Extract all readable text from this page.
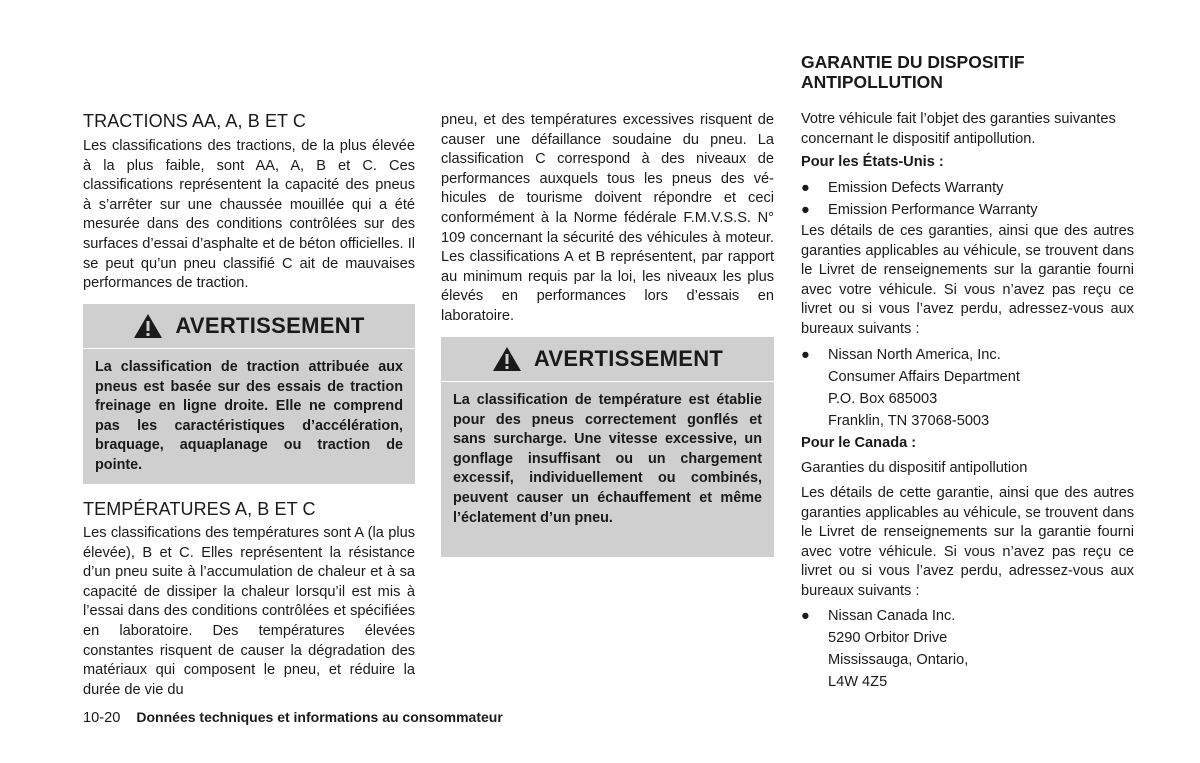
TRACTIONS AA, A, B ET C

Les classifications des tractions, de la plus élevée à la plus faible, sont AA, A, B et C. Ces classifications représentent la capacité des pneus à s’arrêter sur une chaussée mouillée qui a été mesurée dans des conditions contrôlées sur des surfaces d’essai d’asphalte et de béton officielles. Il se peut qu’un pneu classifié C ait de mauvaises performances de traction.

AVERTISSEMENT
La classification de traction attribuée aux pneus est basée sur des essais de traction freinage en ligne droite. Elle ne comprend pas les caractéristiques d’accélération, braquage, aquaplanage ou traction de pointe.
TEMPÉRATURES A, B ET C

Les classifications des températures sont A (la plus élevée), B et C. Elles représentent la résistance d’un pneu suite à l’accumulation de chaleur et à sa capacité de dissiper la chaleur lorsqu’il est mis à l’essai dans des conditions contrôlées et spécifiées en laboratoire. Des températures élevées constantes risquent de causer la dégradation des matériaux qui composent le pneu, et réduire la durée de vie du

pneu, et des températures excessives risquent de causer une défaillance soudaine du pneu. La classification C correspond à des niveaux de performances auxquels tous les pneus des véhicules de tourisme doivent répondre et ceci conformément à la Norme fédérale F.M.V.S.S. N° 109 concernant la sécurité des véhicules à moteur. Les classifications A et B représentent, par rapport au minimum requis par la loi, les niveaux les plus élevés en performances lors d’essais en laboratoire.

AVERTISSEMENT
La classification de température est établie pour des pneus correctement gonflés et sans surcharge. Une vitesse excessive, un gonflage insuffisant ou un chargement excessif, individuellement ou combinés, peuvent causer un échauffement et même l’éclatement d’un pneu.
GARANTIE DU DISPOSITIF ANTIPOLLUTION

Votre véhicule fait l’objet des garanties suivantes concernant le dispositif antipollution.

Pour les États-Unis :

● Emission Defects Warranty
● Emission Performance Warranty

Les détails de ces garanties, ainsi que des autres garanties applicables au véhicule, se trouvent dans le Livret de renseignements sur la garantie fourni avec votre véhicule. Si vous n’avez pas reçu ce livret ou si vous l’avez perdu, adressez-vous aux bureaux suivants :

● Nissan North America, Inc.
Consumer Affairs Department
P.O. Box 685003
Franklin, TN 37068-5003

Pour le Canada :

Garanties du dispositif antipollution

Les détails de cette garantie, ainsi que des autres garanties applicables au véhicule, se trouvent dans le Livret de renseignements sur la garantie fourni avec votre véhicule. Si vous n’avez pas reçu ce livret ou si vous l’avez perdu, adressez-vous aux bureaux suivants :

● Nissan Canada Inc.
5290 Orbitor Drive
Mississauga, Ontario,
L4W 4Z5
10-20 Données techniques et informations au consommateur
